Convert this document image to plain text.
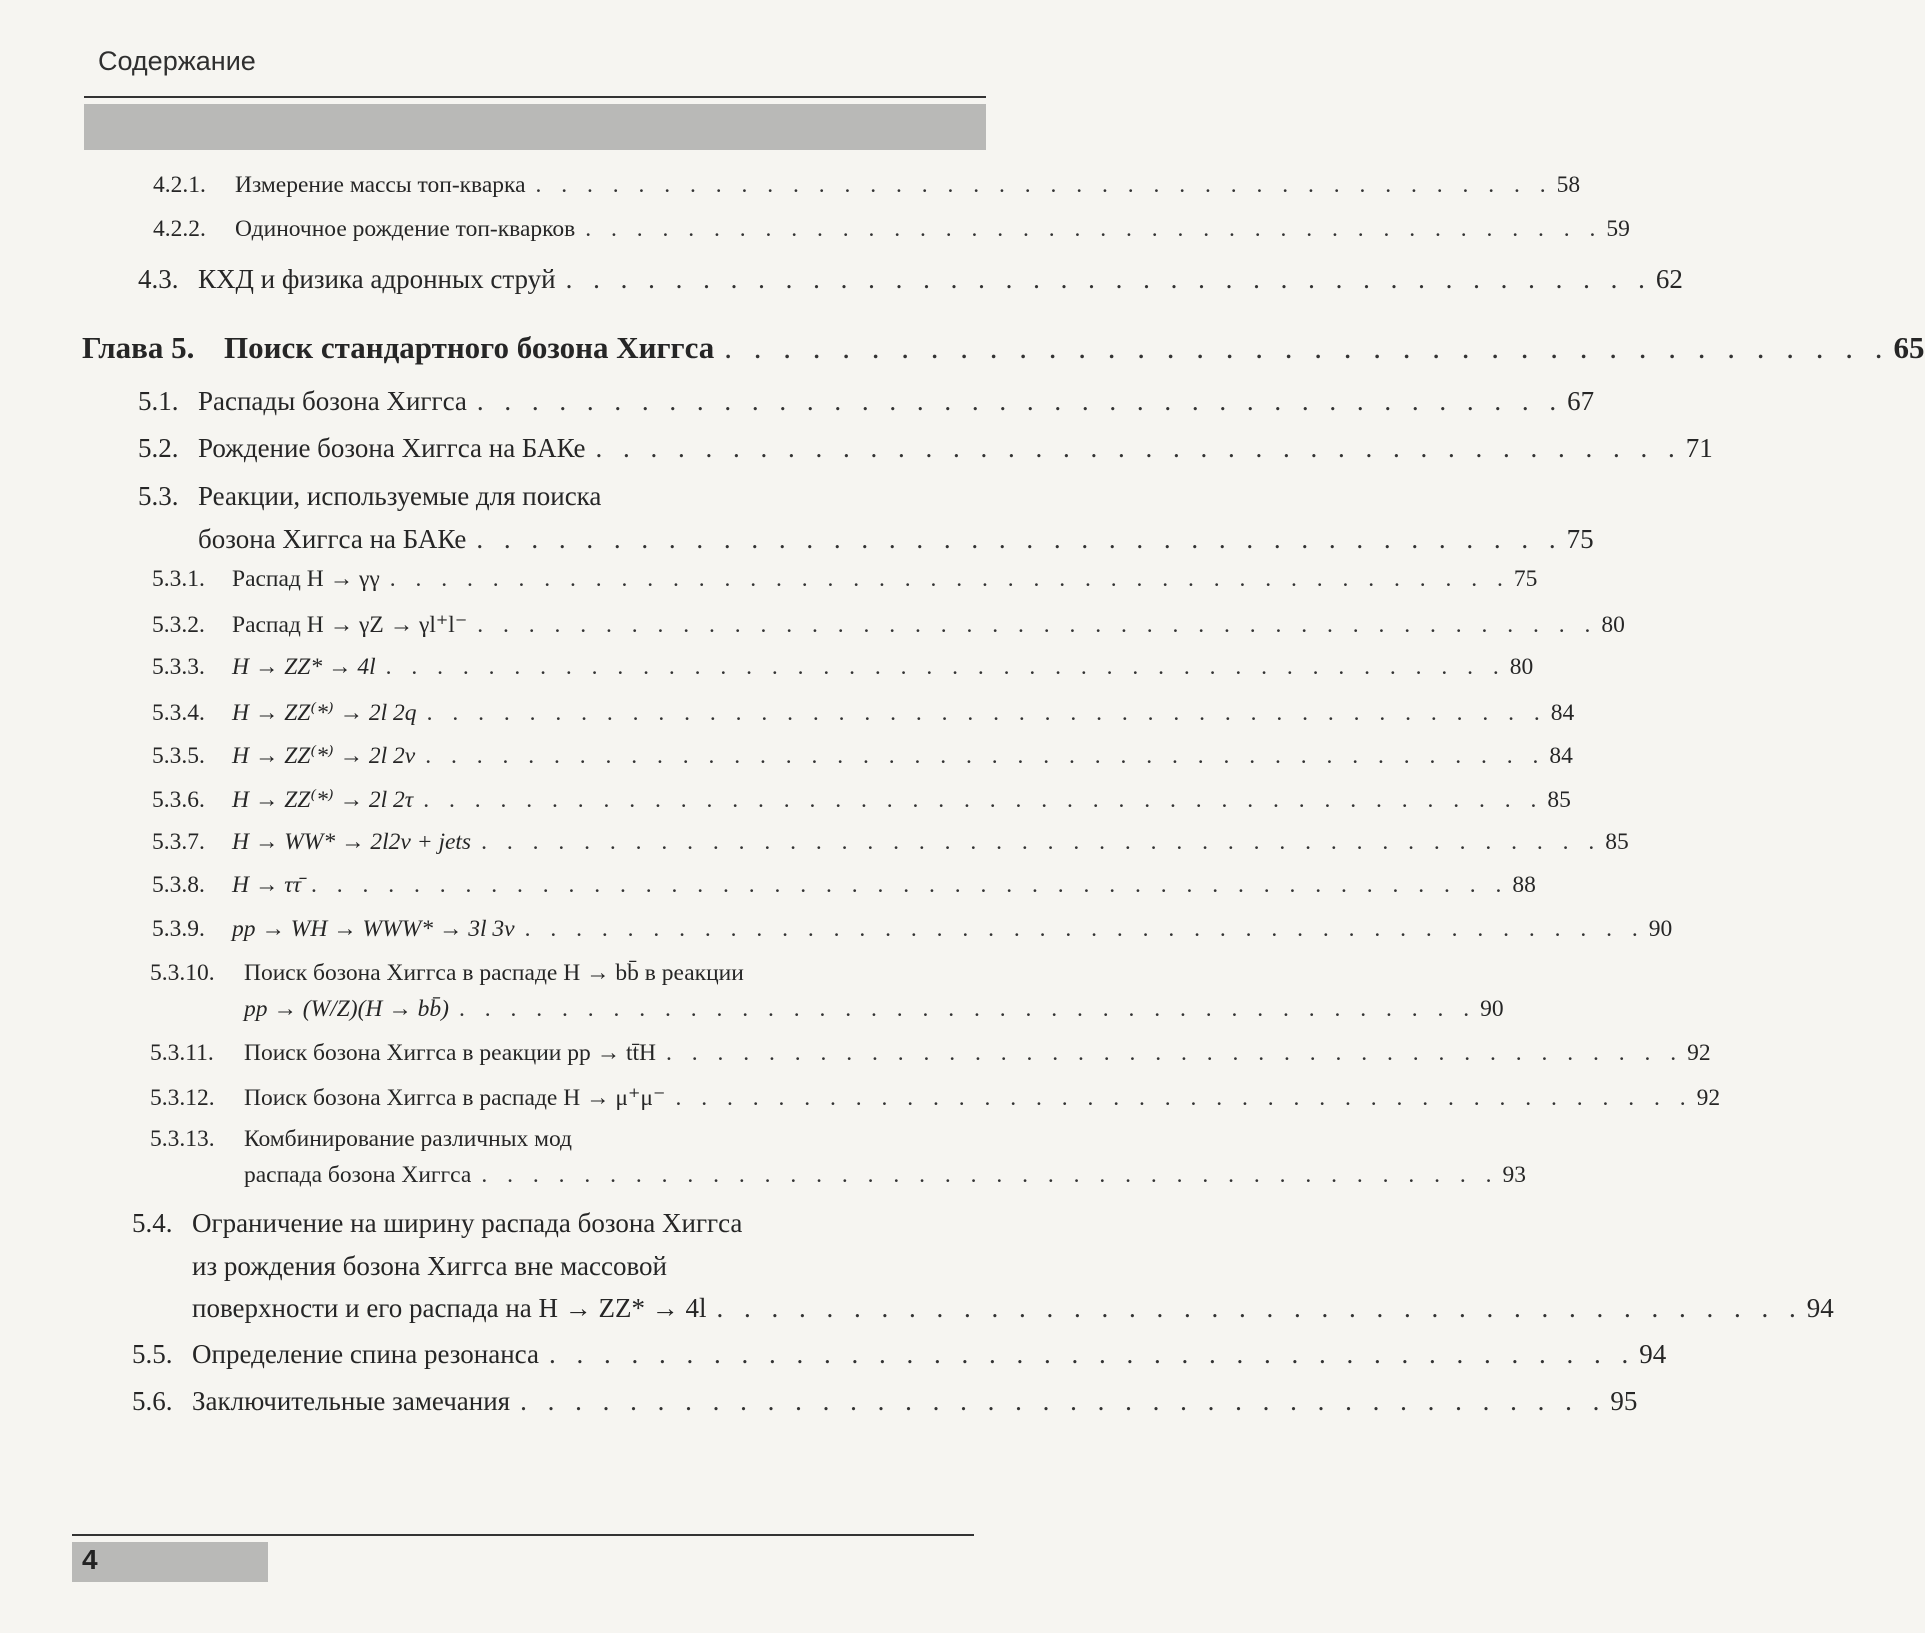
Содержание
4.2.1.	Измерение массы топ-кварка . . . . . . . . . . . . . . . . . . . . . . . . . . . . . . . . . . . . . . . . 58
4.2.2.	Одиночное рождение топ-кварков . . . . . . . . . . . . . . . . . . . . . . . . . . . . . . . . . . . . . . . . 59
4.3. КХД и физика адронных струй . . . . . . . . . . . . . . . . . . . . . . . . . . . . . . . . . . . . . . . . 62
Глава 5. Поиск стандартного бозона Хиггса . . . . . . . . . . . . . . . . . . . . . . . . . . . . . . . . . . . . . . . . 65
5.1. Распады бозона Хиггса . . . . . . . . . . . . . . . . . . . . . . . . . . . . . . . . . . . . . . . . 67
5.2. Рождение бозона Хиггса на БАКе . . . . . . . . . . . . . . . . . . . . . . . . . . . . . . . . . . . . . . . . 71
5.3. Реакции, используемые для поиска
бозона Хиггса на БАКе . . . . . . . . . . . . . . . . . . . . . . . . . . . . . . . . . . . . . . . . 75
5.3.1.	Распад H → γγ . . . . . . . . . . . . . . . . . . . . . . . . . . . . . . . . . . . . . . . . . . . . 75
5.3.2.	Распад H → γZ → γl⁺l⁻ . . . . . . . . . . . . . . . . . . . . . . . . . . . . . . . . . . . . . . . . . . . . 80
5.3.3.	H → ZZ* → 4l . . . . . . . . . . . . . . . . . . . . . . . . . . . . . . . . . . . . . . . . . . . . 80
5.3.4.	H → ZZ⁽*⁾ → 2l 2q . . . . . . . . . . . . . . . . . . . . . . . . . . . . . . . . . . . . . . . . . . . . 84
5.3.5.	H → ZZ⁽*⁾ → 2l 2ν . . . . . . . . . . . . . . . . . . . . . . . . . . . . . . . . . . . . . . . . . . . . 84
5.3.6.	H → ZZ⁽*⁾ → 2l 2τ . . . . . . . . . . . . . . . . . . . . . . . . . . . . . . . . . . . . . . . . . . . . 85
5.3.7.	H → WW* → 2l2ν + jets . . . . . . . . . . . . . . . . . . . . . . . . . . . . . . . . . . . . . . . . . . . . 85
5.3.8.	H → ττ̄ . . . . . . . . . . . . . . . . . . . . . . . . . . . . . . . . . . . . . . . . . . . . . . . 88
5.3.9.	pp → WH → WWW* → 3l 3ν . . . . . . . . . . . . . . . . . . . . . . . . . . . . . . . . . . . . . . . . . . . . 90
5.3.10. Поиск бозона Хиггса в распаде H → bb̄ в реакции
pp → (W/Z)(H → bb̄) . . . . . . . . . . . . . . . . . . . . . . . . . . . . . . . . . . . . . . . . 90
5.3.11.	Поиск бозона Хиггса в реакции pp → tt̄H . . . . . . . . . . . . . . . . . . . . . . . . . . . . . . . . . . . . . . . . 92
5.3.12.	Поиск бозона Хиггса в распаде H → μ⁺μ⁻ . . . . . . . . . . . . . . . . . . . . . . . . . . . . . . . . . . . . . . . . 92
5.3.13. Комбинирование различных мод
распада бозона Хиггса . . . . . . . . . . . . . . . . . . . . . . . . . . . . . . . . . . . . . . . . 93
5.4. Ограничение на ширину распада бозона Хиггса
из рождения бозона Хиггса вне массовой
поверхности и его распада на H → ZZ* → 4l . . . . . . . . . . . . . . . . . . . . . . . . . . . . . . . . . . . . . . . . 94
5.5. Определение спина резонанса . . . . . . . . . . . . . . . . . . . . . . . . . . . . . . . . . . . . . . . . 94
5.6. Заключительные замечания . . . . . . . . . . . . . . . . . . . . . . . . . . . . . . . . . . . . . . . . 95
4
